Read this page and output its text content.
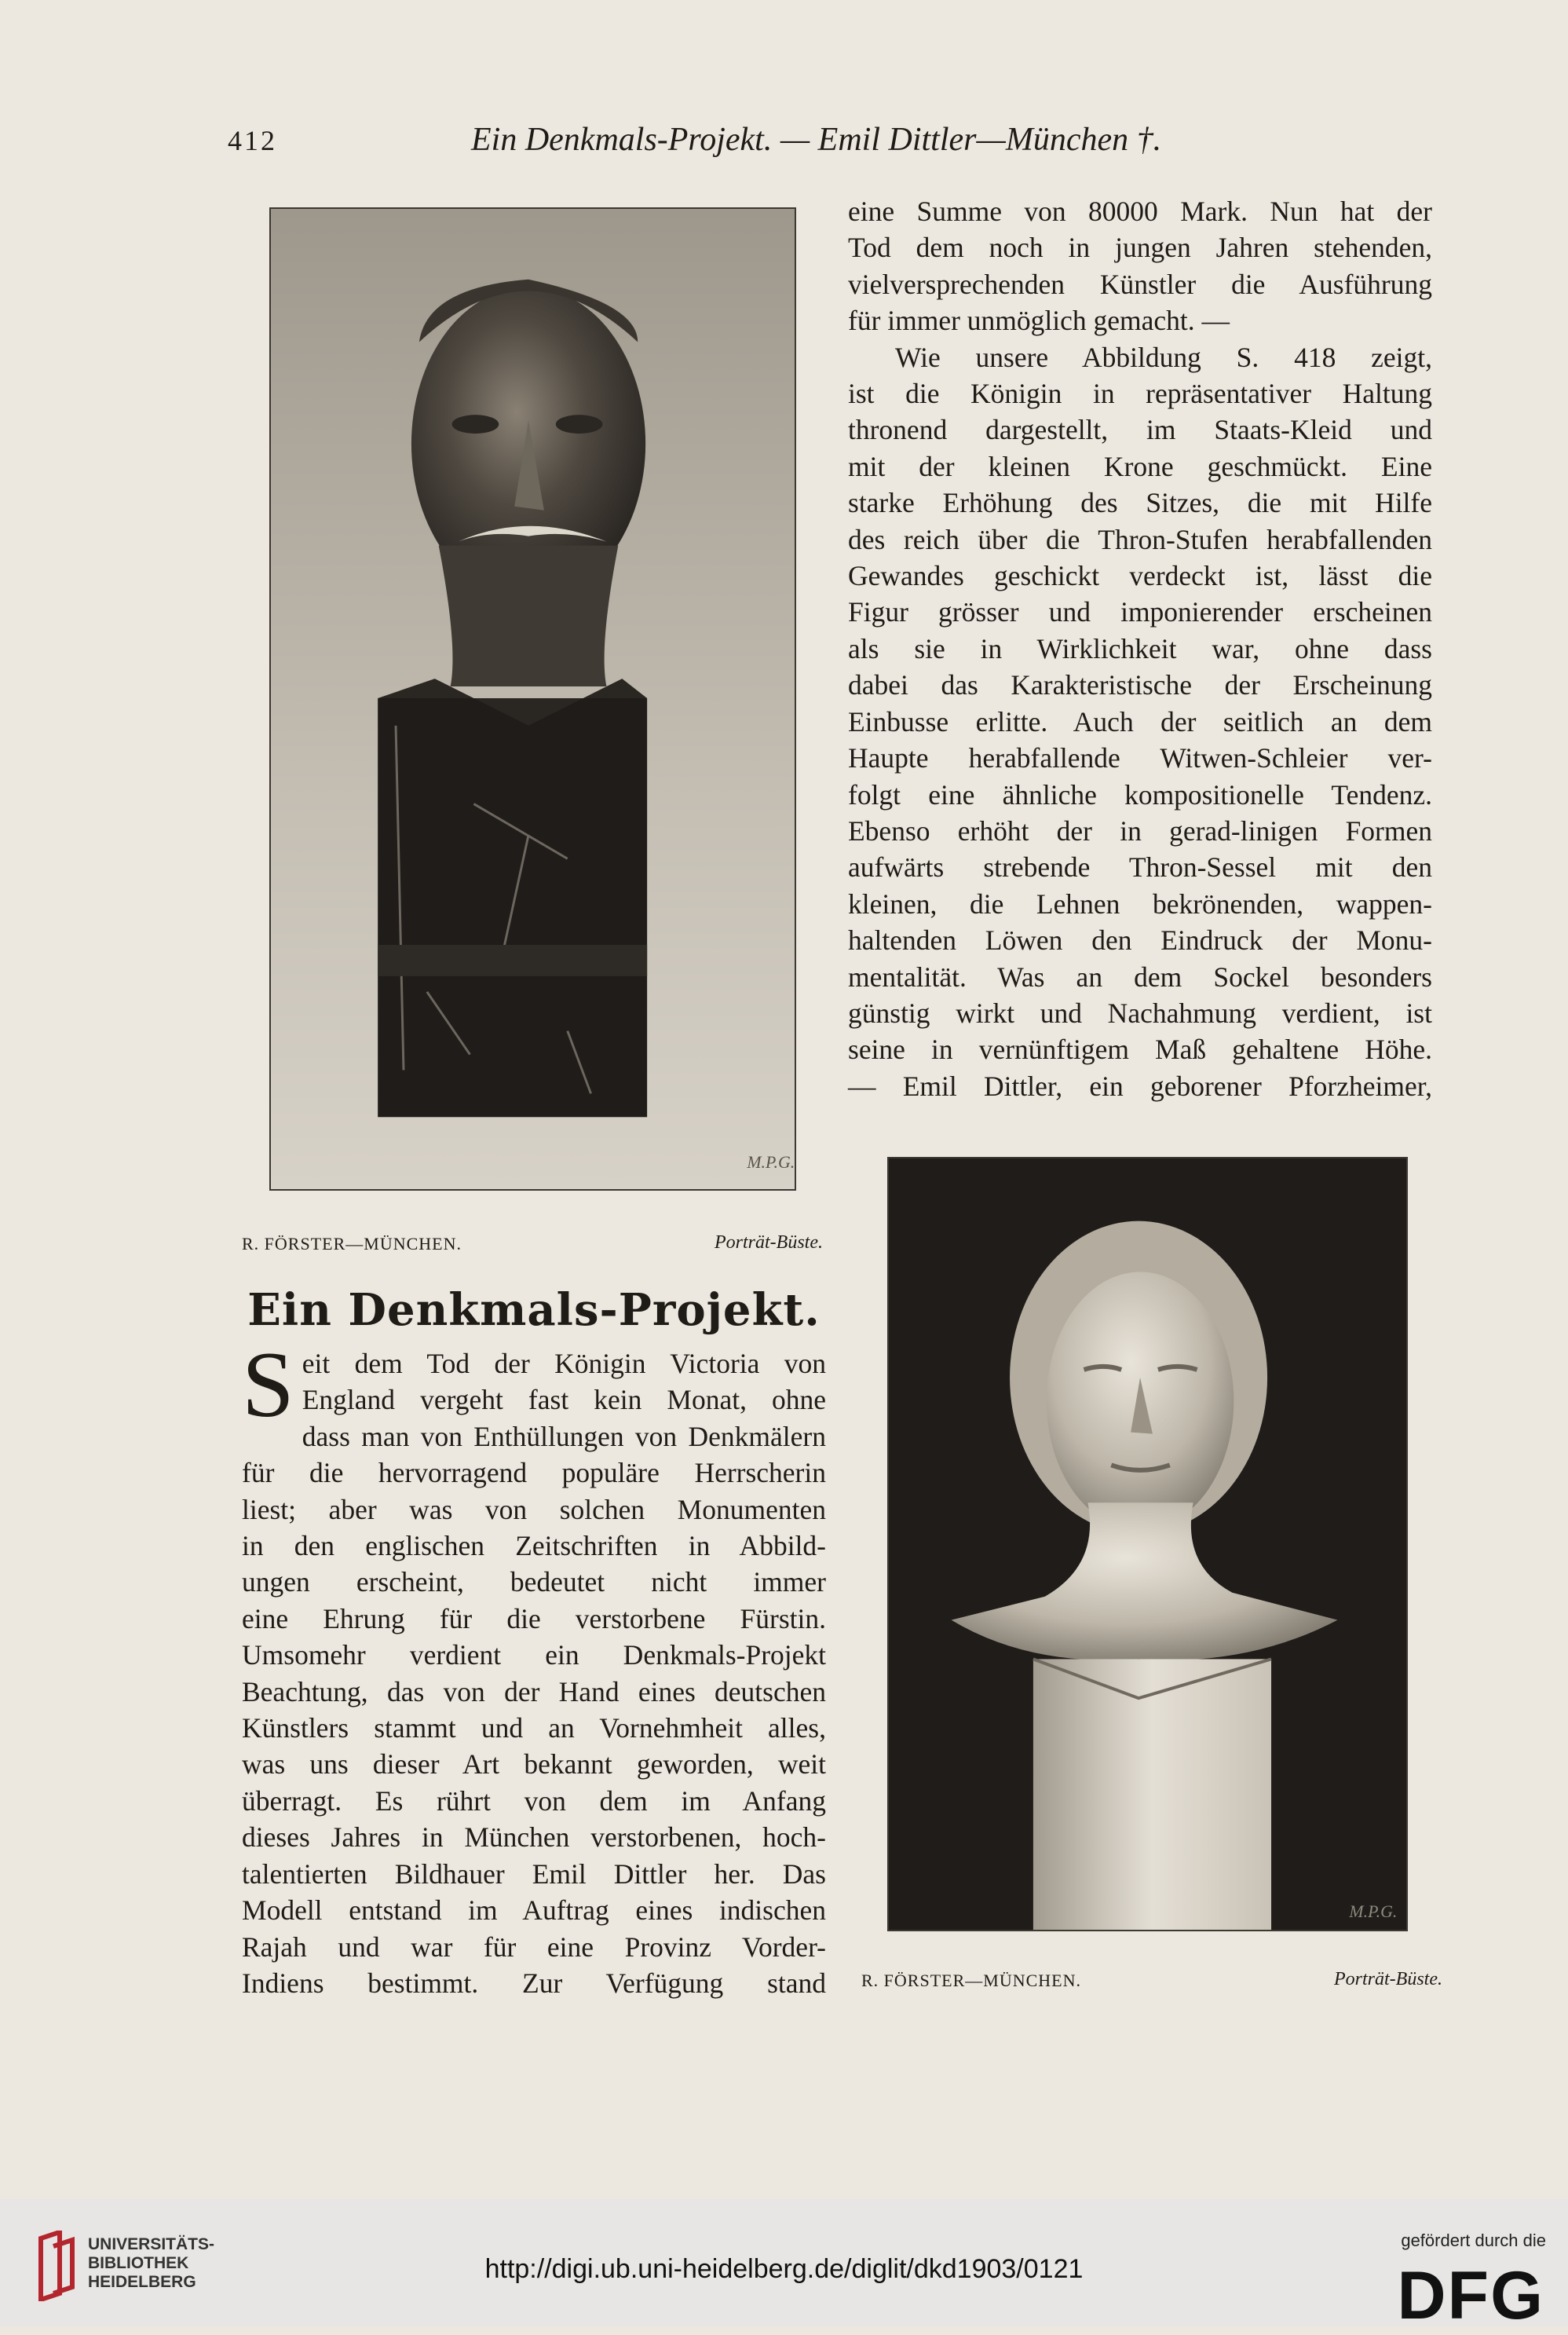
412	Ein Denkmals-Projekt. — Emil Dittler—München †.
M.P.G.
R. FÖRSTER—MÜNCHEN.	Porträt-Büste.
M.P.G.
R. FÖRSTER—MÜNCHEN.	Porträt-Büste.
Ein Denkmals-Projekt.
S eit dem Tod der Königin Victoria von

England vergeht fast kein Monat, ohne

dass man von Enthüllungen von Denkmälern

für die hervorragend populäre Herrscherin

liest; aber was von solchen Monumenten

in den englischen Zeitschriften in Abbild-

ungen erscheint, bedeutet nicht immer

eine Ehrung für die verstorbene Fürstin.

Umsomehr verdient ein Denkmals-Projekt

Beachtung, das von der Hand eines deutschen

Künstlers stammt und an Vornehmheit alles,

was uns dieser Art bekannt geworden, weit

überragt. Es rührt von dem im Anfang

dieses Jahres in München verstorbenen, hoch-

talentierten Bildhauer Emil Dittler her. Das

Modell entstand im Auftrag eines indischen

Rajah und war für eine Provinz Vorder-

Indiens bestimmt. Zur Verfügung stand

eine Summe von 80000 Mark. Nun hat der

Tod dem noch in jungen Jahren stehenden,

vielversprechenden Künstler die Ausführung

für immer unmöglich gemacht. —

Wie unsere Abbildung S. 418 zeigt,

ist die Königin in repräsentativer Haltung

thronend dargestellt, im Staats-Kleid und

mit der kleinen Krone geschmückt. Eine

starke Erhöhung des Sitzes, die mit Hilfe

des reich über die Thron-Stufen herabfallenden

Gewandes geschickt verdeckt ist, lässt die

Figur grösser und imponierender erscheinen

als sie in Wirklichkeit war, ohne dass

dabei das Karakteristische der Erscheinung

Einbusse erlitte. Auch der seitlich an dem

Haupte herabfallende Witwen-Schleier ver-

folgt eine ähnliche kompositionelle Tendenz.

Ebenso erhöht der in gerad-linigen Formen

aufwärts strebende Thron-Sessel mit den

kleinen, die Lehnen bekrönenden, wappen-

haltenden Löwen den Eindruck der Monu-

mentalität. Was an dem Sockel besonders

günstig wirkt und Nachahmung verdient, ist

seine in vernünftigem Maß gehaltene Höhe.

— Emil Dittler, ein geborener Pforzheimer,

UNIVERSITÄTS-
BIBLIOTHEK
HEIDELBERG	http://digi.ub.uni-heidelberg.de/diglit/dkd1903/0121
gefördert durch die
DFG
